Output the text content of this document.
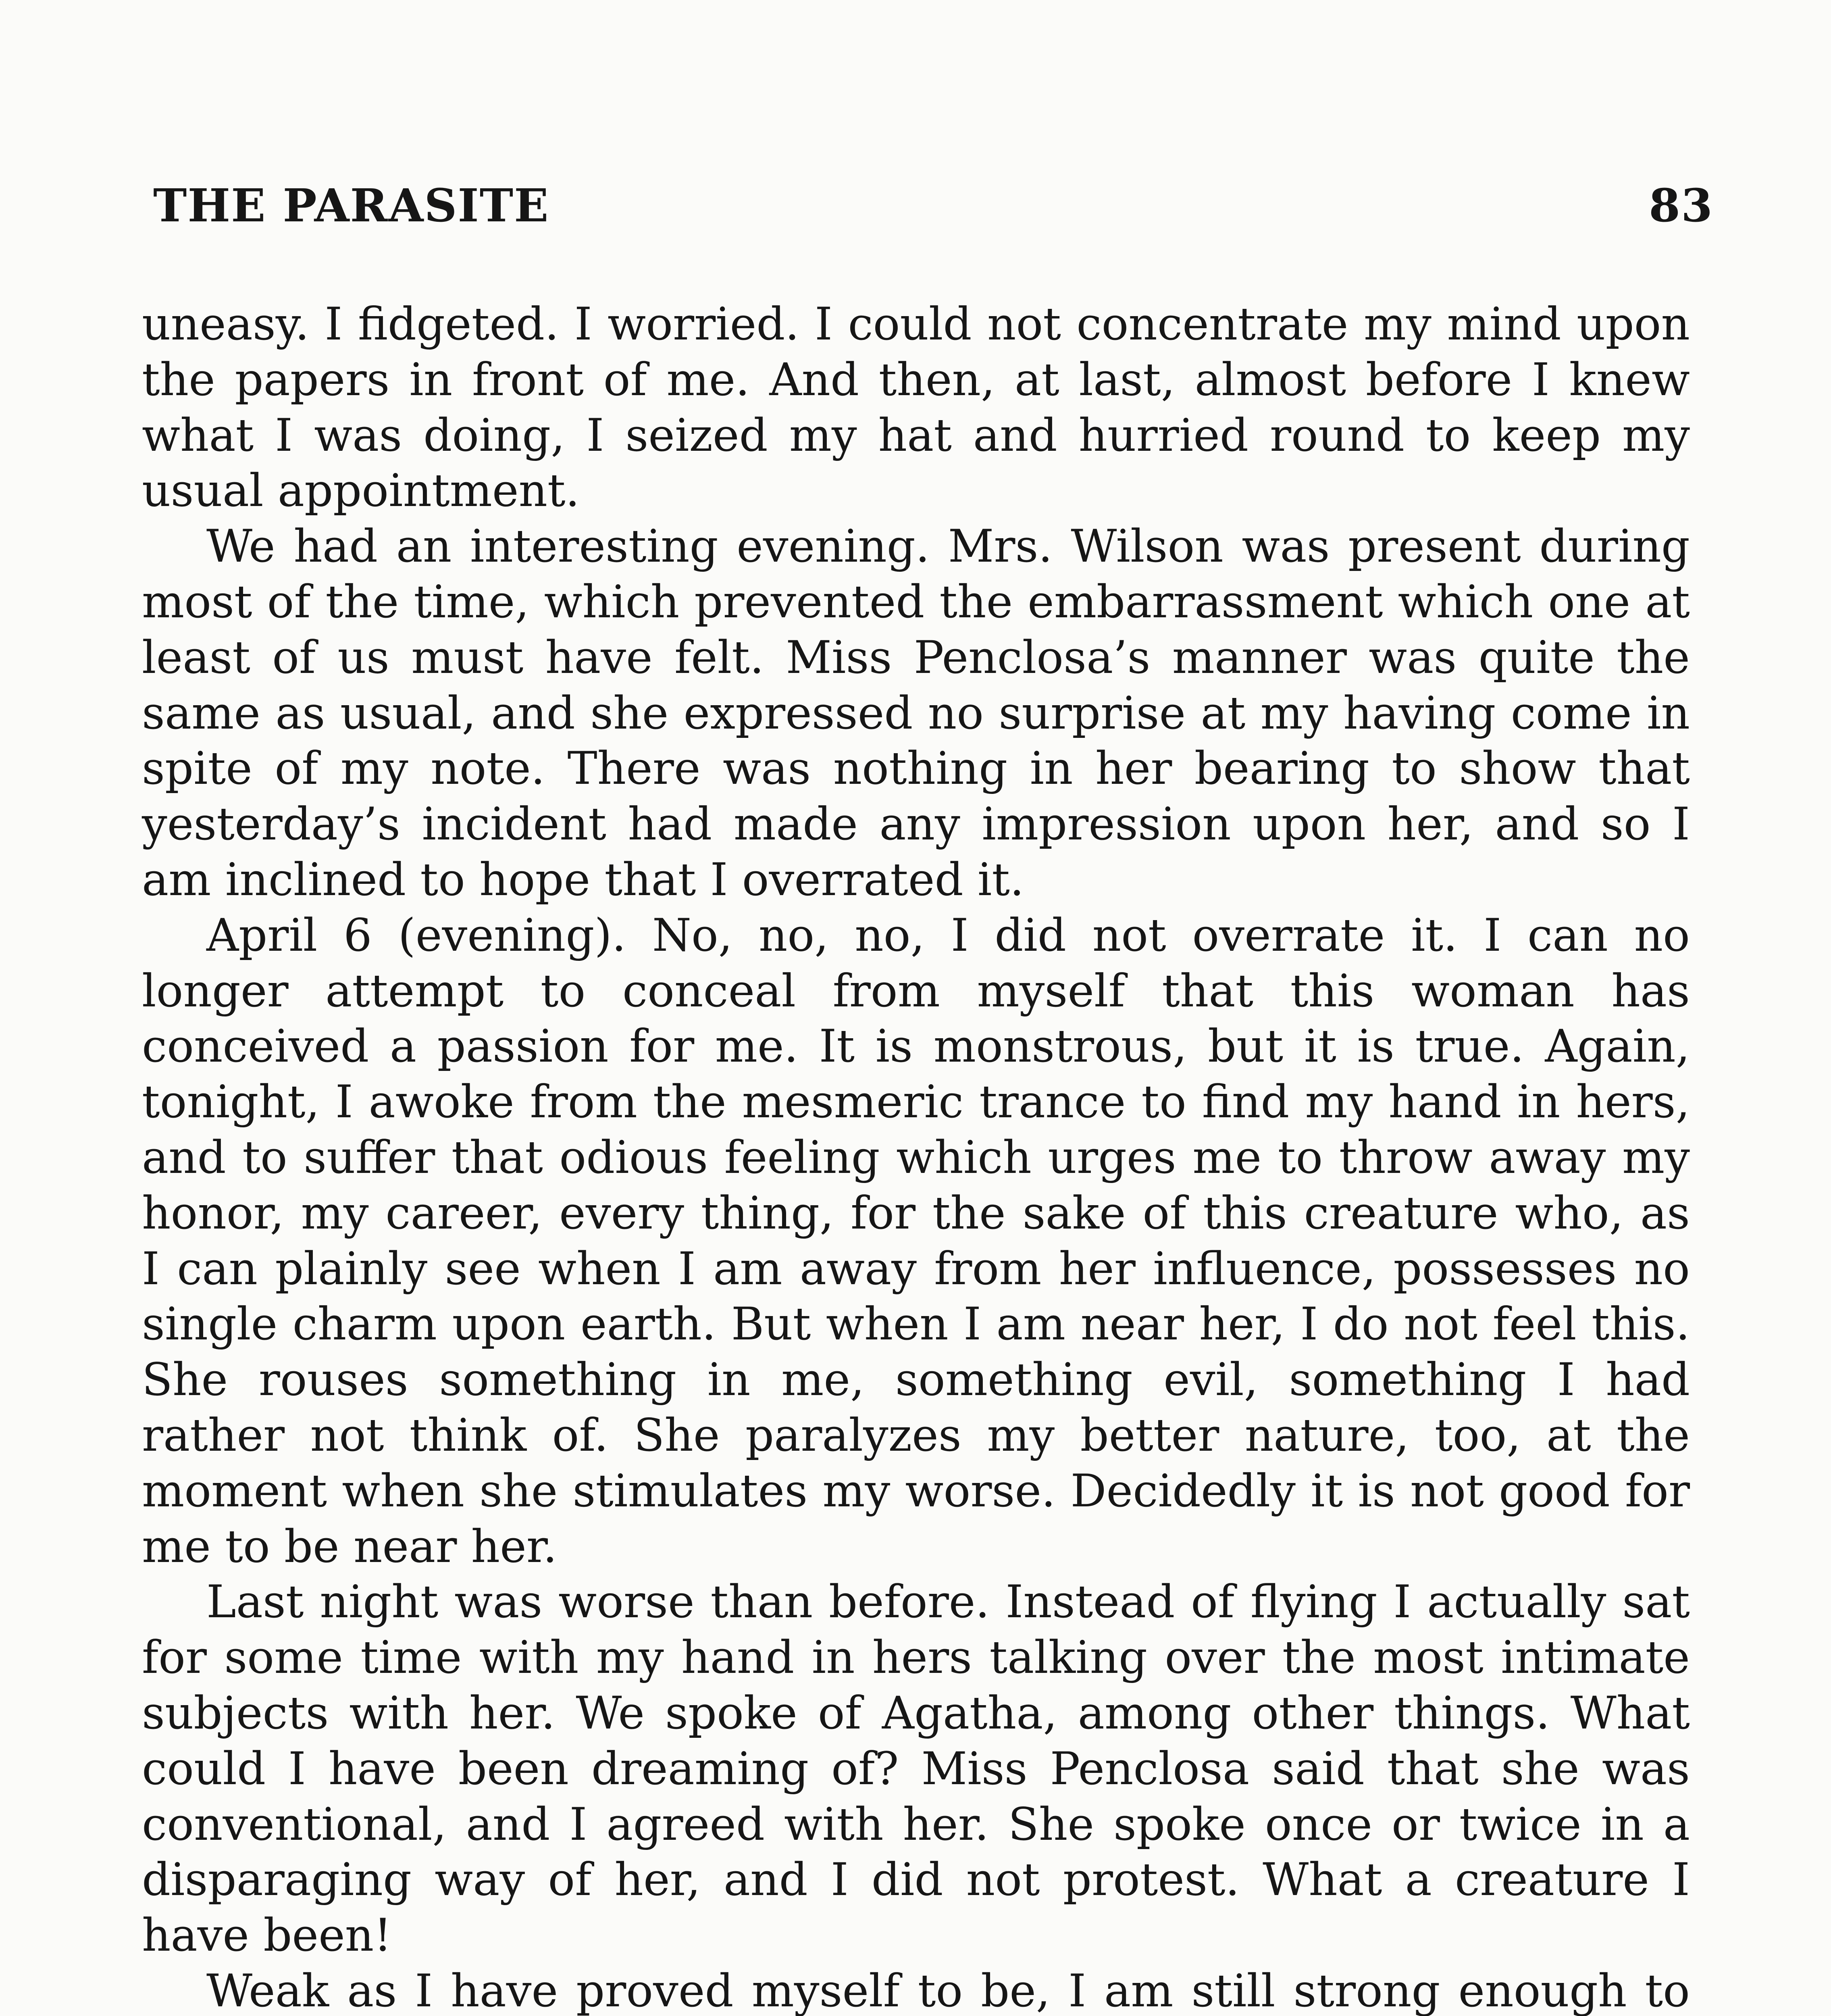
THE PARASITE	83

uneasy. I fidgeted. I worried. I could not concentrate my mind upon the papers in front of me. And then, at last, almost before I knew what I was doing, I seized my hat and hurried round to keep my usual appointment.

We had an interesting evening. Mrs. Wilson was present during most of the time, which prevented the embarrassment which one at least of us must have felt. Miss Penclosa’s manner was quite the same as usual, and she expressed no surprise at my having come in spite of my note. There was nothing in her bearing to show that yesterday’s incident had made any impression upon her, and so I am inclined to hope that I overrated it.

April 6 (evening). No, no, no, I did not overrate it. I can no longer attempt to conceal from myself that this woman has conceived a passion for me. It is monstrous, but it is true. Again, tonight, I awoke from the mesmeric trance to find my hand in hers, and to suffer that odious feeling which urges me to throw away my honor, my career, every thing, for the sake of this creature who, as I can plainly see when I am away from her influence, possesses no single charm upon earth. But when I am near her, I do not feel this. She rouses something in me, something evil, something I had rather not think of. She paralyzes my better nature, too, at the moment when she stimulates my worse. Decidedly it is not good for me to be near her.

Last night was worse than before. Instead of flying I actually sat for some time with my hand in hers talking over the most intimate subjects with her. We spoke of Agatha, among other things. What could I have been dreaming of? Miss Penclosa said that she was conventional, and I agreed with her. She spoke once or twice in a disparaging way of her, and I did not protest. What a creature I have been!

Weak as I have proved myself to be, I am still strong enough to
